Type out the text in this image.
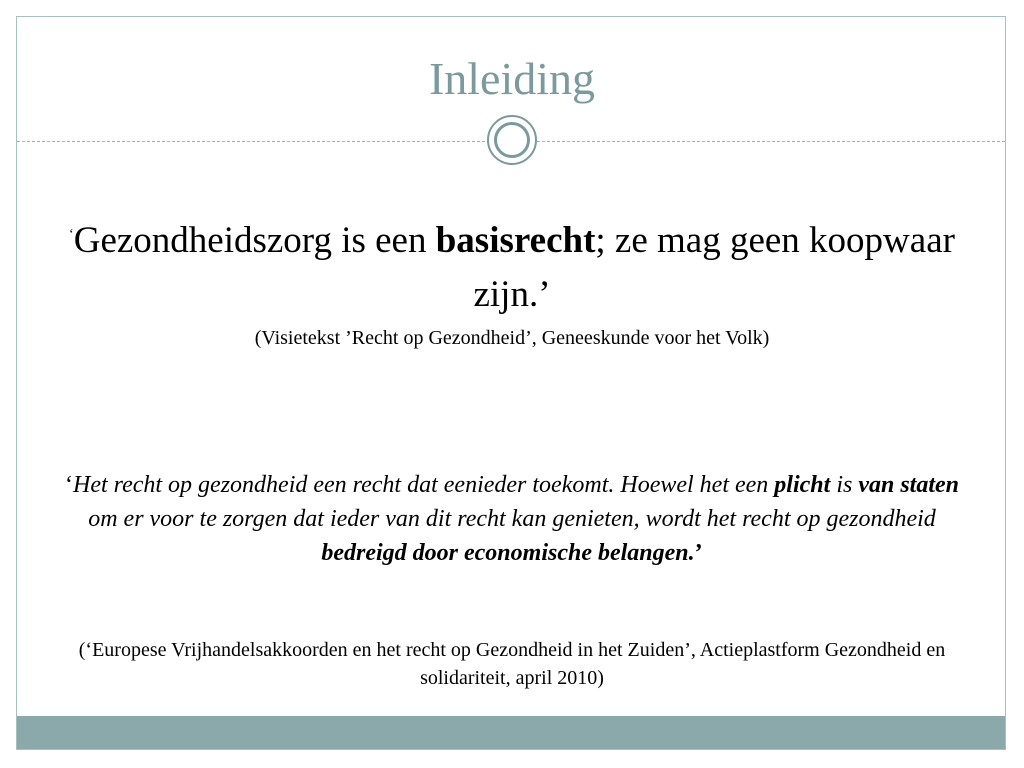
Inleiding
‘Gezondheidszorg is een basisrecht; ze mag geen koopwaar zijn.’
(Visietekst ’Recht op Gezondheid’, Geneeskunde voor het Volk)
‘Het recht op gezondheid een recht dat eenieder toekomt. Hoewel het een plicht is van staten om er voor te zorgen dat ieder van dit recht kan genieten, wordt het recht op gezondheid bedreigd door economische belangen.’
(‘Europese Vrijhandelsakkoorden en het recht op Gezondheid in het Zuiden’, Actieplastform Gezondheid en solidariteit, april 2010)
